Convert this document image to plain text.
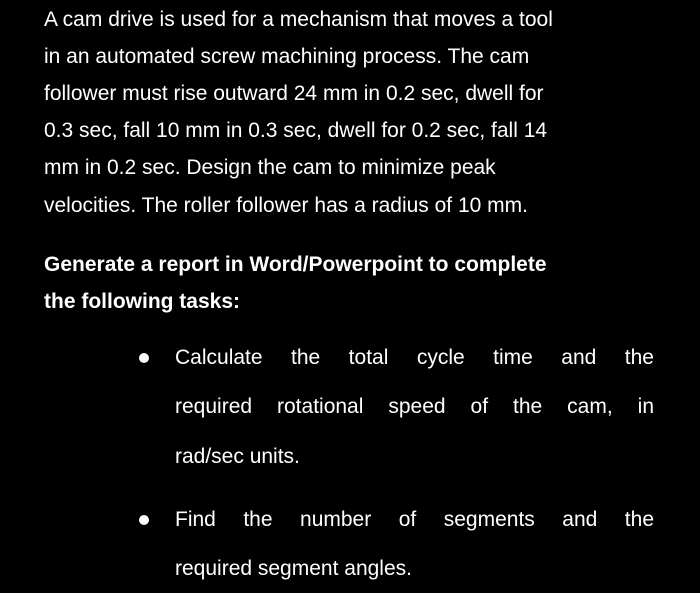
A cam drive is used for a mechanism that moves a tool

in an automated screw machining process. The cam

follower must rise outward 24 mm in 0.2 sec, dwell for

0.3 sec, fall 10 mm in 0.3 sec, dwell for 0.2 sec, fall 14

mm in 0.2 sec. Design the cam to minimize peak

velocities. The roller follower has a radius of 10 mm.

Generate a report in Word/Powerpoint to complete

the following tasks:

Calculate the total cycle time and the

required rotational speed of the cam, in

rad/sec units.

Find the number of segments and the

required segment angles.
